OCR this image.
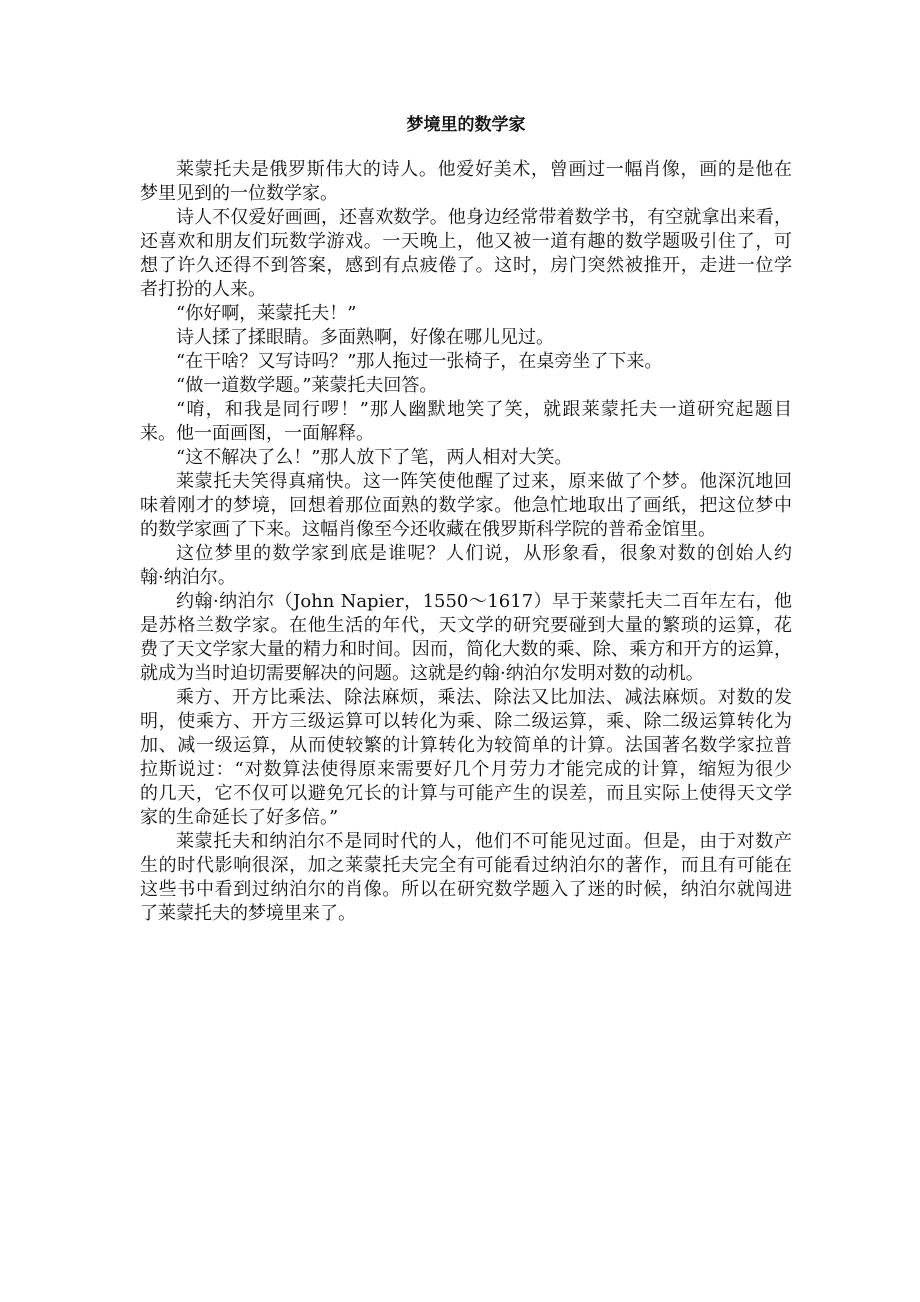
梦境里的数学家
莱蒙托夫是俄罗斯伟大的诗人。他爱好美术，曾画过一幅肖像，画的是他在
梦里见到的一位数学家。
诗人不仅爱好画画，还喜欢数学。他身边经常带着数学书，有空就拿出来看，
还喜欢和朋友们玩数学游戏。一天晚上，他又被一道有趣的数学题吸引住了，可
想了许久还得不到答案，感到有点疲倦了。这时，房门突然被推开，走进一位学
者打扮的人来。
“你好啊，莱蒙托夫！”
诗人揉了揉眼睛。多面熟啊，好像在哪儿见过。
“在干啥？又写诗吗？”那人拖过一张椅子，在桌旁坐了下来。
“做一道数学题。”莱蒙托夫回答。
“唷，和我是同行啰！”那人幽默地笑了笑，就跟莱蒙托夫一道研究起题目
来。他一面画图，一面解释。
“这不解决了么！”那人放下了笔，两人相对大笑。
莱蒙托夫笑得真痛快。这一阵笑使他醒了过来，原来做了个梦。他深沉地回
味着刚才的梦境，回想着那位面熟的数学家。他急忙地取出了画纸，把这位梦中
的数学家画了下来。这幅肖像至今还收藏在俄罗斯科学院的普希金馆里。
这位梦里的数学家到底是谁呢？人们说，从形象看，很象对数的创始人约
翰·纳泊尔。
约翰·纳泊尔（John Napier，1550～1617）早于莱蒙托夫二百年左右，他
是苏格兰数学家。在他生活的年代，天文学的研究要碰到大量的繁琐的运算，花
费了天文学家大量的精力和时间。因而，简化大数的乘、除、乘方和开方的运算，
就成为当时迫切需要解决的问题。这就是约翰·纳泊尔发明对数的动机。
乘方、开方比乘法、除法麻烦，乘法、除法又比加法、减法麻烦。对数的发
明，使乘方、开方三级运算可以转化为乘、除二级运算，乘、除二级运算转化为
加、减一级运算，从而使较繁的计算转化为较简单的计算。法国著名数学家拉普
拉斯说过：“对数算法使得原来需要好几个月劳力才能完成的计算，缩短为很少
的几天，它不仅可以避免冗长的计算与可能产生的误差，而且实际上使得天文学
家的生命延长了好多倍。”
莱蒙托夫和纳泊尔不是同时代的人，他们不可能见过面。但是，由于对数产
生的时代影响很深，加之莱蒙托夫完全有可能看过纳泊尔的著作，而且有可能在
这些书中看到过纳泊尔的肖像。所以在研究数学题入了迷的时候，纳泊尔就闯进
了莱蒙托夫的梦境里来了。
